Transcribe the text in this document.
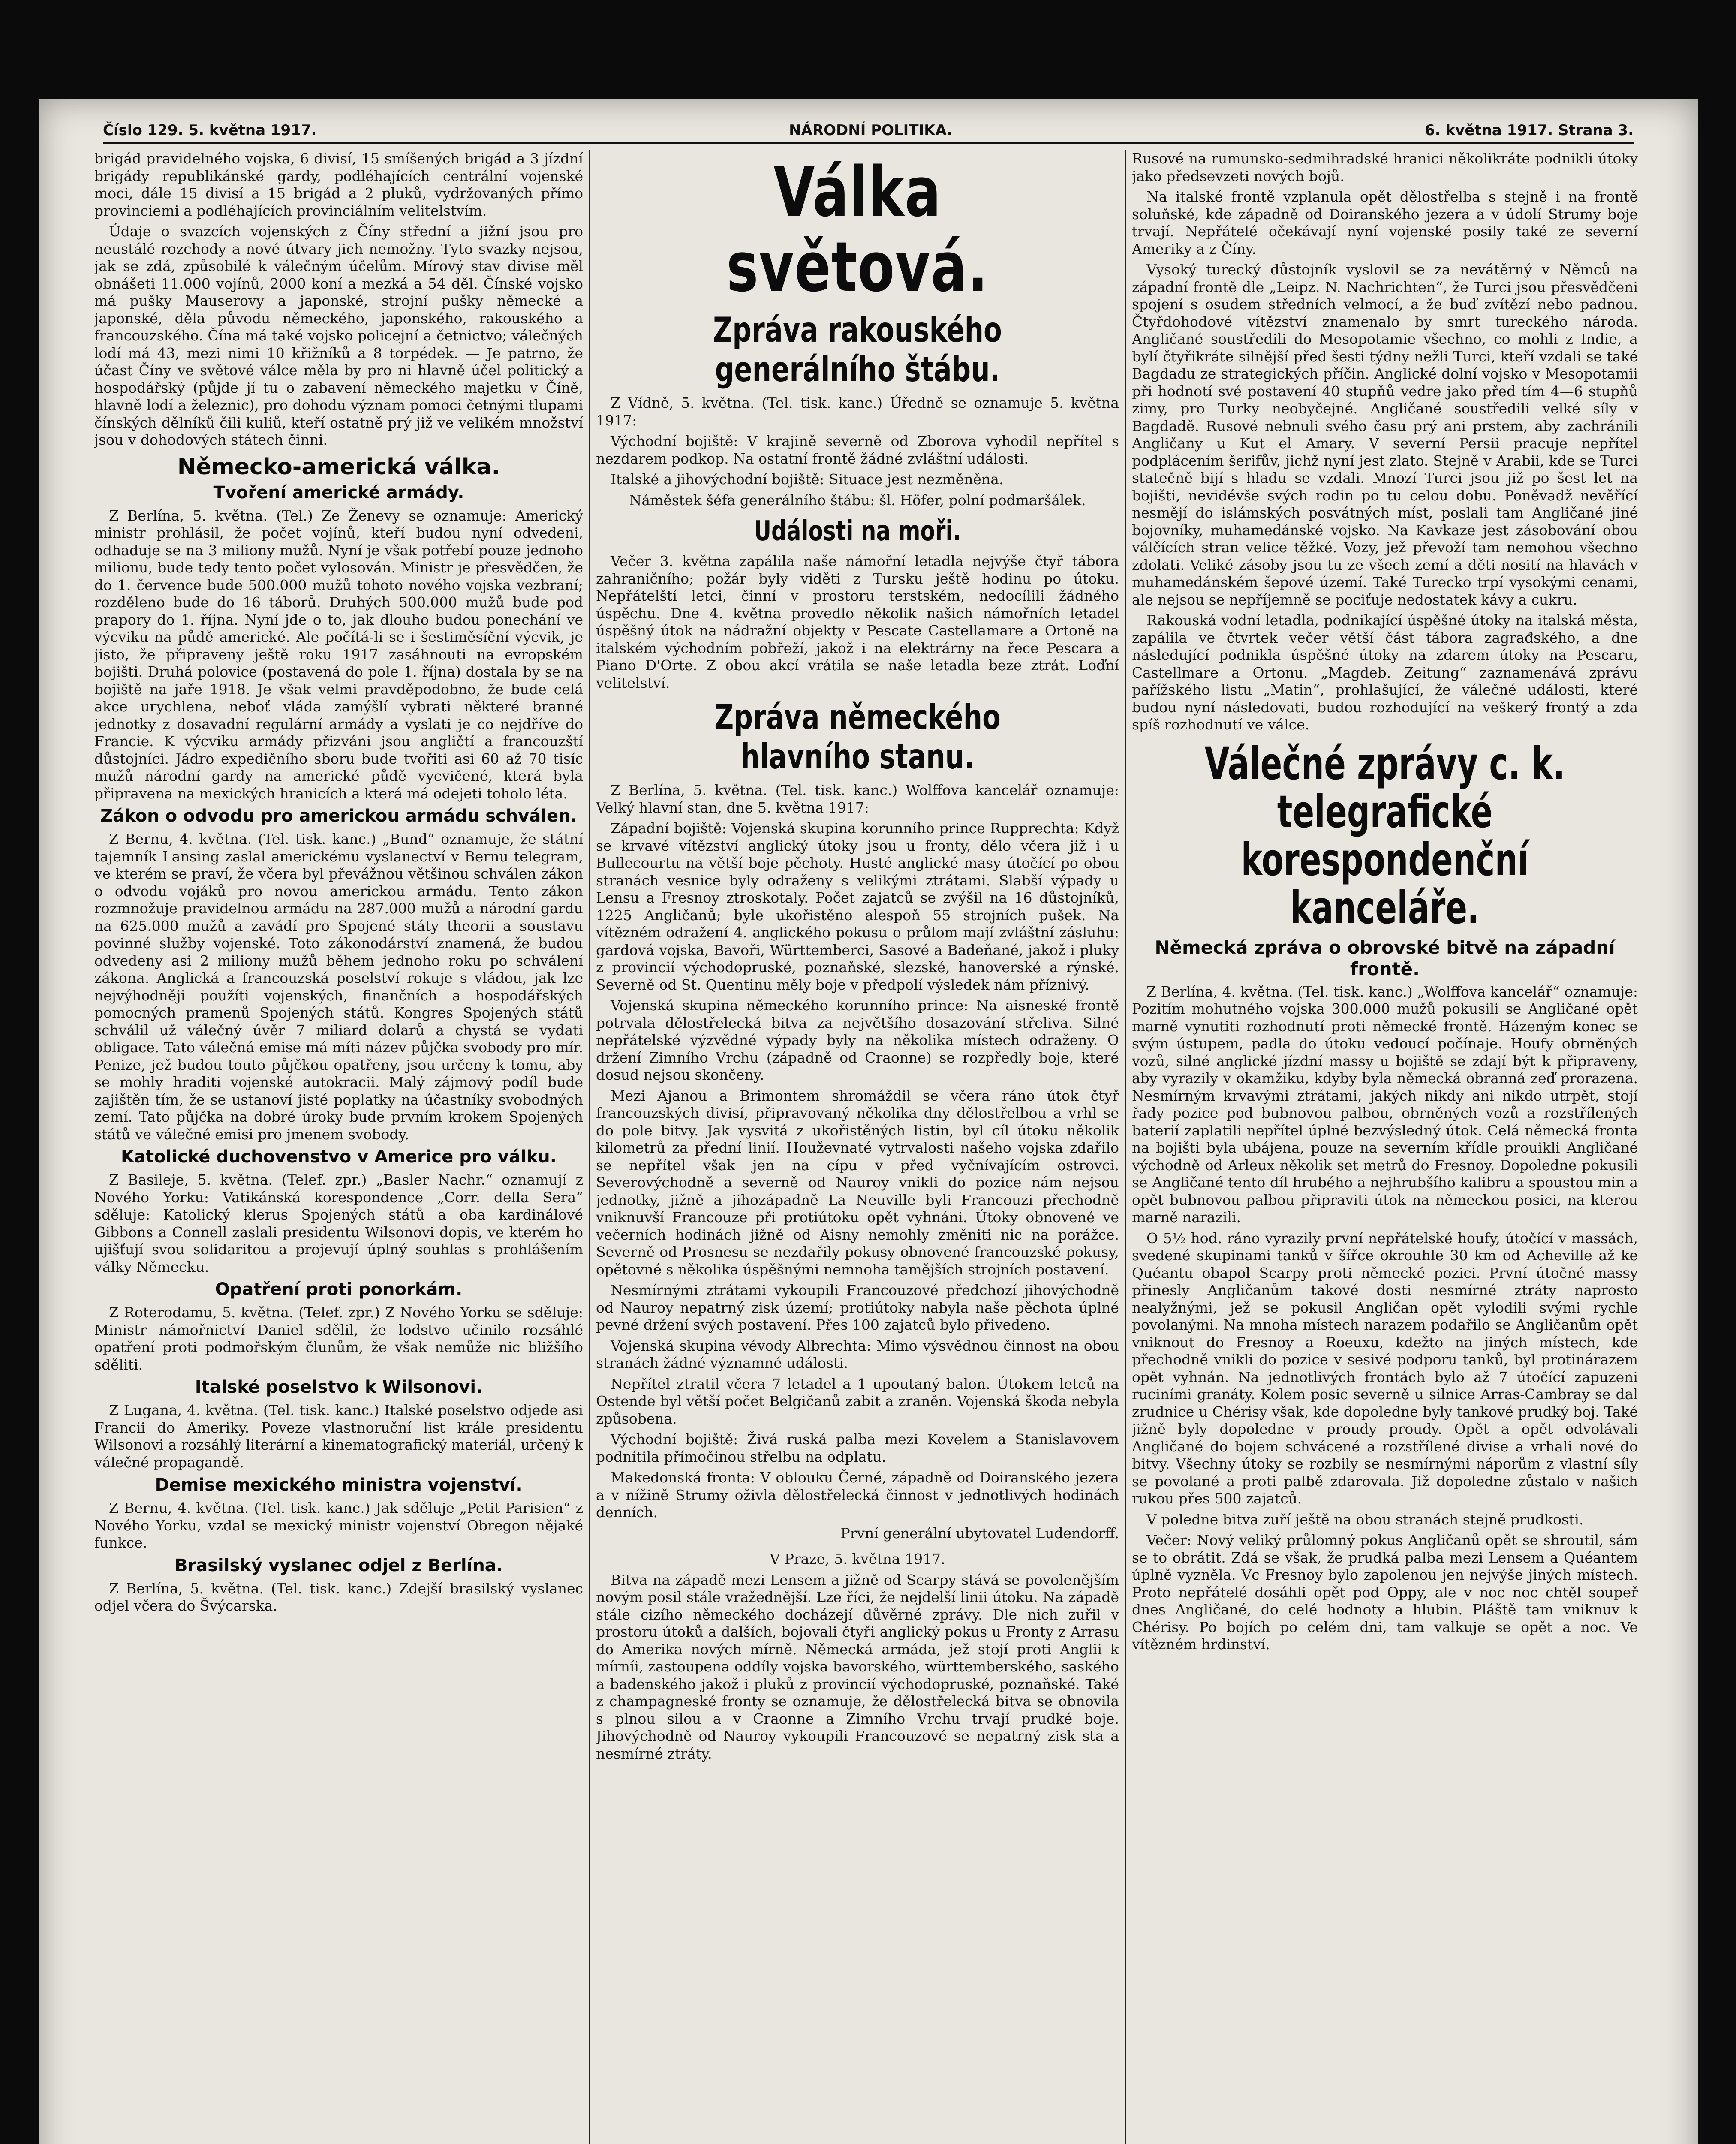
Číslo 129. 5. května 1917.	NÁRODNÍ POLITIKA.	6. května 1917. Strana 3.

brigád pravidelného vojska, 6 divisí, 15 smíšených brigád a 3 jízdní brigády republikánské gardy, podléhajících centrální vojenské moci, dále 15 divisí a 15 brigád a 2 pluků, vydržovaných přímo provinciemi a podléhajících provinciálním velitelstvím.

Údaje o svazcích vojenských z Číny střední a jižní jsou pro neustálé rozchody a nové útvary jich nemožny. Tyto svazky nejsou, jak se zdá, způsobilé k válečným účelům. Mírový stav divise měl obnášeti 11.000 vojínů, 2000 koní a mezká a 54 děl. Čínské vojsko má pušky Mauserovy a japonské, strojní pušky německé a japonské, děla původu německého, japonského, rakouského a francouzského. Čína má také vojsko policejní a četnictvo; válečných lodí má 43, mezi nimi 10 křižníků a 8 torpédek. — Je patrno, že účast Číny ve světové válce měla by pro ni hlavně účel politický a hospodářský (půjde jí tu o zabavení německého majetku v Číně, hlavně lodí a železnic), pro dohodu význam pomoci četnými tlupami čínských dělníků čili kuliů, kteří ostatně prý již ve velikém množství jsou v dohodových státech činni.

Německo-americká válka.
Tvoření americké armády.

Z Berlína, 5. května. (Tel.) Ze Ženevy se oznamuje: Americký ministr prohlásil, že počet vojínů, kteří budou nyní odvedeni, odhaduje se na 3 miliony mužů. Nyní je však potřebí pouze jednoho milionu, bude tedy tento počet vylosován. Ministr je přesvědčen, že do 1. července bude 500.000 mužů tohoto nového vojska vezbraní; rozděleno bude do 16 táborů. Druhých 500.000 mužů bude pod prapory do 1. října. Nyní jde o to, jak dlouho budou ponechání ve výcviku na půdě americké. Ale počítá-li se i šestiměsíční výcvik, je jisto, že připraveny ještě roku 1917 zasáhnouti na evropském bojišti. Druhá polovice (postavená do pole 1. října) dostala by se na bojiště na jaře 1918. Je však velmi pravděpodobno, že bude celá akce urychlena, neboť vláda zamýšlí vybrati některé branné jednotky z dosavadní regulární armády a vyslati je co nejdříve do Francie. K výcviku armády přizváni jsou angličtí a francouzští důstojníci. Jádro expedičního sboru bude tvořiti asi 60 až 70 tisíc mužů národní gardy na americké půdě vycvičené, která byla připravena na mexických hranicích a která má odejeti toholo léta.

Zákon o odvodu pro americkou armádu schválen.

Z Bernu, 4. května. (Tel. tisk. kanc.) „Bund“ oznamuje, že státní tajemník Lansing zaslal americkému vyslanectví v Bernu telegram, ve kterém se praví, že včera byl převážnou většinou schválen zákon o odvodu vojáků pro novou americkou armádu. Tento zákon rozmnožuje pravidelnou armádu na 287.000 mužů a národní gardu na 625.000 mužů a zavádí pro Spojené státy theorii a soustavu povinné služby vojenské. Toto zákonodárství znamená, že budou odvedeny asi 2 miliony mužů během jednoho roku po schválení zákona. Anglická a francouzská poselství rokuje s vládou, jak lze nejvýhodněji použíti vojenských, finančních a hospodářských pomocných pramenů Spojených států. Kongres Spojených států schválil už válečný úvěr 7 miliard dolarů a chystá se vydati obligace. Tato válečná emise má míti název půjčka svobody pro mír. Penize, jež budou touto půjčkou opatřeny, jsou určeny k tomu, aby se mohly hraditi vojenské autokracii. Malý zájmový podíl bude zajištěn tím, že se ustanoví jisté poplatky na účastníky svobodných zemí. Tato půjčka na dobré úroky bude prvním krokem Spojených států ve válečné emisi pro jmenem svobody.

Katolické duchovenstvo v Americe pro válku.

Z Basileje, 5. května. (Telef. zpr.) „Basler Nachr.“ oznamují z Nového Yorku: Vatikánská korespondence „Corr. della Sera“ sděluje: Katolický klerus Spojených států a oba kardinálové Gibbons a Connell zaslali presidentu Wilsonovi dopis, ve kterém ho ujišťují svou solidaritou a projevují úplný souhlas s prohlášením války Německu.

Opatření proti ponorkám.

Z Roterodamu, 5. května. (Telef. zpr.) Z Nového Yorku se sděluje: Ministr námořnictví Daniel sdělil, že lodstvo učinilo rozsáhlé opatření proti podmořským člunům, že však nemůže nic bližšího sděliti.

Italské poselstvo k Wilsonovi.

Z Lugana, 4. května. (Tel. tisk. kanc.) Italské poselstvo odjede asi Francii do Ameriky. Poveze vlastnoruční list krále presidentu Wilsonovi a rozsáhlý literární a kinematografický materiál, určený k válečné propagandě.

Demise mexického ministra vojenství.

Z Bernu, 4. května. (Tel. tisk. kanc.) Jak sděluje „Petit Parisien“ z Nového Yorku, vzdal se mexický ministr vojenství Obregon nějaké funkce.

Brasilský vyslanec odjel z Berlína.

Z Berlína, 5. května. (Tel. tisk. kanc.) Zdejší brasilský vyslanec odjel včera do Švýcarska.

Válka světová.
Zpráva rakouského generálního štábu.

Z Vídně, 5. května. (Tel. tisk. kanc.) Úředně se oznamuje 5. května 1917:

Východní bojiště: V krajině severně od Zborova vyhodil nepřítel s nezdarem podkop. Na ostatní frontě žádné zvláštní události.

Italské a jihovýchodní bojiště: Situace jest nezměněna.

Náměstek šéfa generálního štábu: šl. Höfer, polní podmaršálek.

Události na moři.

Večer 3. května zapálila naše námořní letadla nejvýše čtyř tábora zahraničního; požár byly viděti z Tursku ještě hodinu po útoku. Nepřátelští letci, činní v prostoru terstském, nedocílili žádného úspěchu. Dne 4. května provedlo několik našich námořních letadel úspěšný útok na nádražní objekty v Pescate Castellamare a Ortoně na italském východním pobřeží, jakož i na elektrárny na řece Pescara a Piano D'Orte. Z obou akcí vrátila se naše letadla beze ztrát. Loďní velitelství.

Zpráva německého hlavního stanu.

Z Berlína, 5. května. (Tel. tisk. kanc.) Wolffova kancelář oznamuje: Velký hlavní stan, dne 5. května 1917:

Západní bojiště: Vojenská skupina korunního prince Rupprechta: Když se krvavé vítězství anglický útoky jsou u fronty, dělo včera již i u Bullecourtu na větší boje pěchoty. Husté anglické masy útočící po obou stranách vesnice byly odraženy s velikými ztrátami. Slabší výpady u Lensu a Fresnoy ztroskotaly. Počet zajatců se zvýšil na 16 důstojníků, 1225 Angličanů; byle ukořistěno alespoň 55 strojních pušek. Na vítězném odražení 4. anglického pokusu o průlom mají zvláštní zásluhu: gardová vojska, Bavoři, Württemberci, Sasové a Badeňané, jakož i pluky z provincií východopruské, poznaňské, slezské, hanoverské a rýnské. Severně od St. Quentinu měly boje v předpolí výsledek nám příznivý.

Vojenská skupina německého korunního prince: Na aisneské frontě potrvala dělostřelecká bitva za největšího dosazování střeliva. Silné nepřátelské výzvědné výpady byly na několika místech odraženy. O držení Zimního Vrchu (západně od Craonne) se rozpředly boje, které dosud nejsou skončeny.

Mezi Ajanou a Brimontem shromáždil se včera ráno útok čtyř francouzských divisí, připravovaný několika dny dělostřelbou a vrhl se do pole bitvy. Jak vysvitá z ukořistěných listin, byl cíl útoku několik kilometrů za přední linií. Houževnaté vytrvalosti našeho vojska zdařilo se nepřítel však jen na cípu v před vyčnívajícím ostrovci. Severovýchodně a severně od Nauroy vnikli do pozice nám nejsou jednotky, jižně a jihozápadně La Neuville byli Francouzi přechodně vniknuvší Francouze při protiútoku opět vyhnáni. Útoky obnovené ve večerních hodinách jižně od Aisny nemohly změniti nic na porážce. Severně od Prosnesu se nezdařily pokusy obnovené francouzské pokusy, opětovné s několika úspěšnými nemnoha tamějších strojních postavení.

Nesmírnými ztrátami vykoupili Francouzové předchozí jihovýchodně od Nauroy nepatrný zisk území; protiútoky nabyla naše pěchota úplné pevné držení svých postavení. Přes 100 zajatců bylo přivedeno.

Vojenská skupina vévody Albrechta: Mimo výsvědnou činnost na obou stranách žádné významné události.

Nepřítel ztratil včera 7 letadel a 1 upoutaný balon. Útokem letců na Ostende byl větší počet Belgičanů zabit a zraněn. Vojenská škoda nebyla způsobena.

Východní bojiště: Živá ruská palba mezi Kovelem a Stanislavovem podnítila přímočinou střelbu na odplatu.

Makedonská fronta: V oblouku Černé, západně od Doiranského jezera a v nížině Strumy oživla dělostřelecká činnost v jednotlivých hodinách denních.

První generální ubytovatel Ludendorff.

V Praze, 5. května 1917.

Bitva na západě mezi Lensem a jižně od Scarpy stává se povolenějším novým posil stále vražednější. Lze říci, že nejdelší linii útoku. Na západě stále cizího německého docházejí důvěrné zprávy. Dle nich zuřil v prostoru útoků a dalších, bojovali čtyři anglický pokus u Fronty z Arrasu do Amerika nových mírně. Německá armáda, jež stojí proti Anglii k mírníi, zastoupena oddíly vojska bavorského, württemberského, saského a badenského jakož i pluků z provincií východopruské, poznaňské. Také z champagneské fronty se oznamuje, že dělostřelecká bitva se obnovila s plnou silou a v Craonne a Zimního Vrchu trvají prudké boje. Jihovýchodně od Nauroy vykoupili Francouzové se nepatrný zisk sta a nesmírné ztráty.

Rusové na rumunsko-sedmihradské hranici několikráte podnikli útoky jako předsevzeti nových bojů.

Na italské frontě vzplanula opět dělostřelba s stejně i na frontě soluňské, kde západně od Doiranského jezera a v údolí Strumy boje trvají. Nepřátelé očekávají nyní vojenské posily také ze severní Ameriky a z Číny.

Vysoký turecký důstojník vyslovil se za nevátěrný v Němců na západní frontě dle „Leipz. N. Nachrichten“, že Turci jsou přesvědčeni spojení s osudem středních velmocí, a že buď zvítězí nebo padnou. Čtyřdohodové vítězství znamenalo by smrt tureckého národa. Angličané soustředili do Mesopotamie všechno, co mohli z Indie, a bylí čtyřikráte silnější před šesti týdny nežli Turci, kteří vzdali se také Bagdadu ze strategických příčin. Anglické dolní vojsko v Mesopotamii při hodnotí své postavení 40 stupňů vedre jako před tím 4—6 stupňů zimy, pro Turky neobyčejné. Angličané soustředili velké síly v Bagdadě. Rusové nebnuli svého času prý ani prstem, aby zachránili Angličany u Kut el Amary. V severní Persii pracuje nepřítel podplácením šerifův, jichž nyní jest zlato. Stejně v Arabii, kde se Turci statečně bijí s hladu se vzdali. Mnozí Turci jsou již po šest let na bojišti, nevidévše svých rodin po tu celou dobu. Poněvadž nevěřící nesmějí do islámských posvátných míst, poslali tam Angličané jiné bojovníky, muhamedánské vojsko. Na Kavkaze jest zásobování obou válčících stran velice těžké. Vozy, jež převoží tam nemohou všechno zdolati. Veliké zásoby jsou tu ze všech zemí a děti nosití na hlavách v muhamedánském šepové území. Také Turecko trpí vysokými cenami, ale nejsou se nepříjemně se pociťuje nedostatek kávy a cukru.

Rakouská vodní letadla, podnikající úspěšné útoky na italská města, zapálila ve čtvrtek večer větší část tábora zagrađského, a dne následující podnikla úspěšné útoky na zdarem útoky na Pescaru, Castellmare a Ortonu. „Magdeb. Zeitung“ zaznamenává zprávu pařížského listu „Matin“, prohlašující, že válečné události, které budou nyní následovati, budou rozhodující na veškerý frontý a zda spíš rozhodnutí ve válce.

Válečné zprávy c. k. telegrafické korespondenční kanceláře.
Německá zpráva o obrovské bitvě na západní frontě.

Z Berlína, 4. května. (Tel. tisk. kanc.) „Wolffova kancelář“ oznamuje: Pozitím mohutného vojska 300.000 mužů pokusili se Angličané opět marně vynutiti rozhodnutí proti německé frontě. Házeným konec se svým ústupem, padla do útoku vedoucí počínaje. Houfy obrněných vozů, silné anglické jízdní massy u bojiště se zdají být k připraveny, aby vyrazily v okamžiku, kdyby byla německá obranná zeď prorazena. Nesmírným krvavými ztrátami, jakých nikdy ani nikdo utrpět, stojí řady pozice pod bubnovou palbou, obrněných vozů a rozstřílených baterií zaplatili nepřítel úplné bezvýsledný útok. Celá německá fronta na bojišti byla ubájena, pouze na severním křídle prouikli Angličané východně od Arleux několik set metrů do Fresnoy. Dopoledne pokusili se Angličané tento díl hrubého a nejhrubšího kalibru a spoustou min a opět bubnovou palbou připraviti útok na německou posici, na kterou marně narazili.

O 5½ hod. ráno vyrazily první nepřátelské houfy, útočící v massách, svedené skupinami tanků v šířce okrouhle 30 km od Acheville až ke Quéantu obapol Scarpy proti německé pozici. První útočné massy přinesly Angličanům takové dosti nesmírné ztráty naprosto nealyžnými, jež se pokusil Angličan opět vylodili svými rychle povolanými. Na mnoha místech narazem podařilo se Angličanům opět vniknout do Fresnoy a Roeuxu, kdežto na jiných místech, kde přechodně vnikli do pozice v sesivé podporu tanků, byl protinárazem opět vyhnán. Na jednotlivých frontách bylo až 7 útočící zapuzeni ruciními granáty. Kolem posic severně u silnice Arras-Cambray se dal zrudnice u Chérisy však, kde dopoledne byly tankové prudký boj. Také jižně byly dopoledne v proudy proudy. Opět a opět odvolávali Angličané do bojem schvácené a rozstřílené divise a vrhali nové do bitvy. Všechny útoky se rozbily se nesmírnými náporům z vlastní síly se povolané a proti palbě zdarovala. Již dopoledne zůstalo v našich rukou přes 500 zajatců.

V poledne bitva zuří ještě na obou stranách stejně prudkosti.

Večer: Nový veliký průlomný pokus Angličanů opět se shroutil, sám se to obrátit. Zdá se však, že prudká palba mezi Lensem a Quéantem úplně vyzněla. Vc Fresnoy bylo zapolenou jen nejvýše jiných místech. Proto nepřátelé dosáhli opět pod Oppy, ale v noc noc chtěl soupeř dnes Angličané, do celé hodnoty a hlubin. Pláště tam vniknuv k Chérisy. Po bojích po celém dni, tam valkuje se opět a noc. Ve vítězném hrdinství.
